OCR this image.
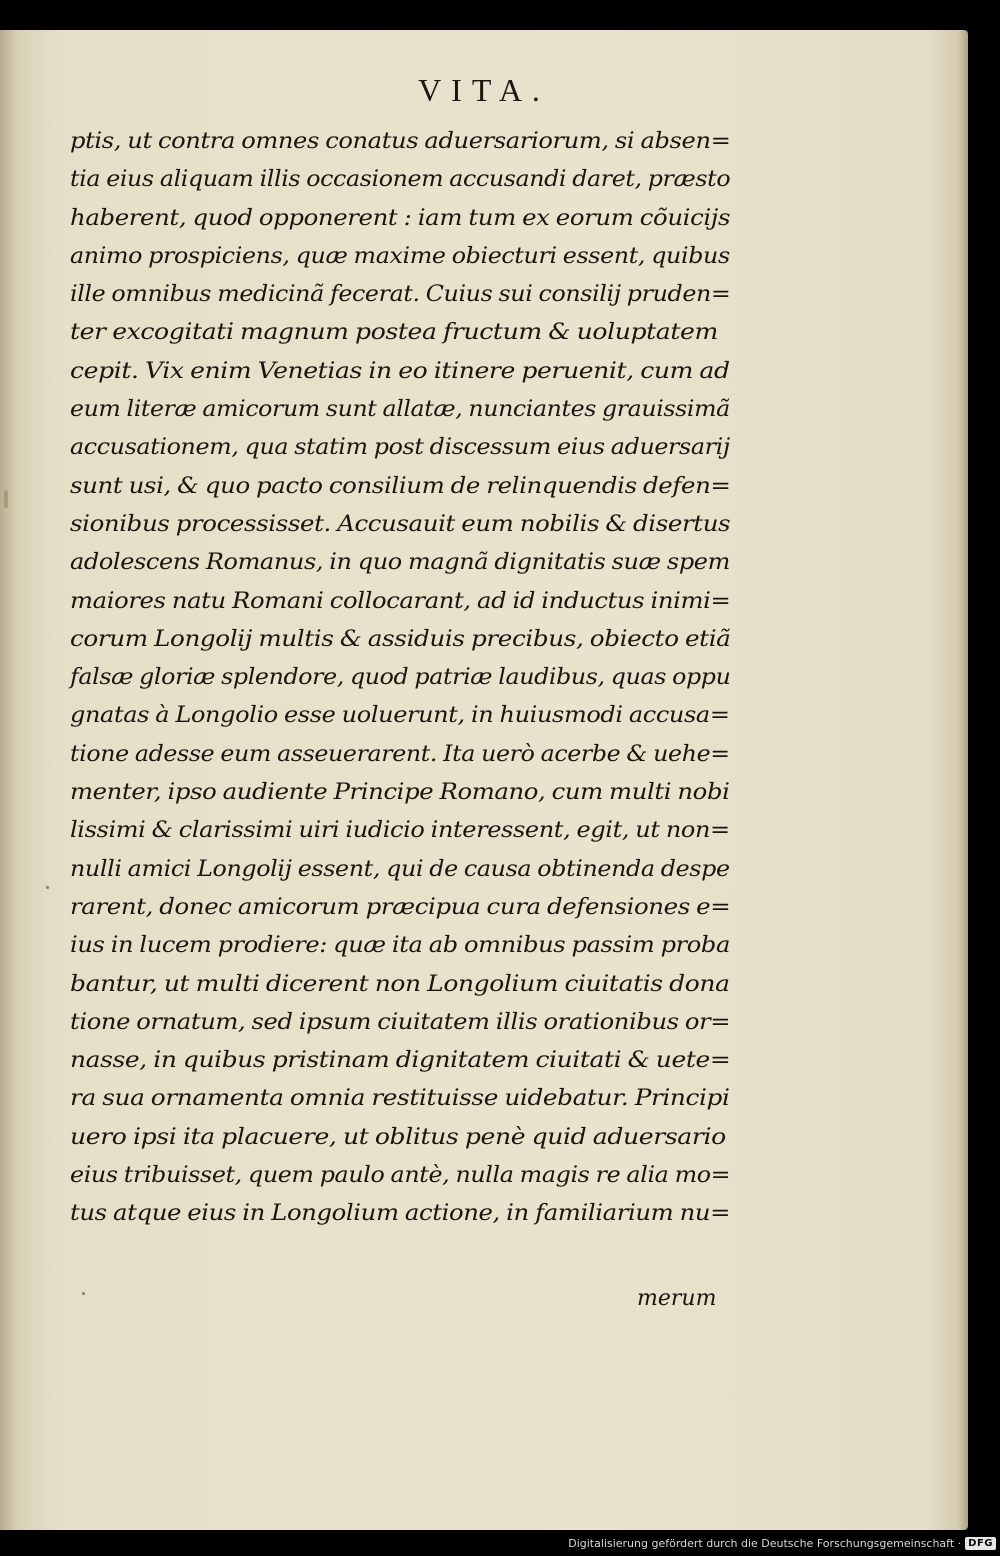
VITA.
ptis, ut contra omnes conatus aduersariorum, si absen=
tia eius aliquam illis occasionem accusandi daret, præsto
haberent, quod opponerent : iam tum ex eorum cõuicijs
animo prospiciens, quæ maxime obiecturi essent, quibus
ille omnibus medicinã fecerat. Cuius sui consilij pruden=
ter excogitati magnum postea fructum & uoluptatem
cepit. Vix enim Venetias in eo itinere peruenit, cum ad
eum literæ amicorum sunt allatæ, nunciantes grauissimã
accusationem, qua statim post discessum eius aduersarij
sunt usi, & quo pacto consilium de relinquendis defen=
sionibus processisset. Accusauit eum nobilis & disertus
adolescens Romanus, in quo magnã dignitatis suæ spem
maiores natu Romani collocarant, ad id inductus inimi=
corum Longolij multis & assiduis precibus, obiecto etiã
falsæ gloriæ splendore, quod patriæ laudibus, quas oppu
gnatas à Longolio esse uoluerunt, in huiusmodi accusa=
tione adesse eum asseuerarent. Ita uerò acerbe & uehe=
menter, ipso audiente Principe Romano, cum multi nobi
lissimi & clarissimi uiri iudicio interessent, egit, ut non=
nulli amici Longolij essent, qui de causa obtinenda despe
rarent, donec amicorum præcipua cura defensiones e=
ius in lucem prodiere: quæ ita ab omnibus passim proba
bantur, ut multi dicerent non Longolium ciuitatis dona
tione ornatum, sed ipsum ciuitatem illis orationibus or=
nasse, in quibus pristinam dignitatem ciuitati & uete=
ra sua ornamenta omnia restituisse uidebatur. Principi
uero ipsi ita placuere, ut oblitus penè quid aduersario
eius tribuisset, quem paulo antè, nulla magis re alia mo=
tus atque eius in Longolium actione, in familiarium nu=
merum
Digitalisierung gefördert durch die Deutsche Forschungsgemeinschaft · DFG
